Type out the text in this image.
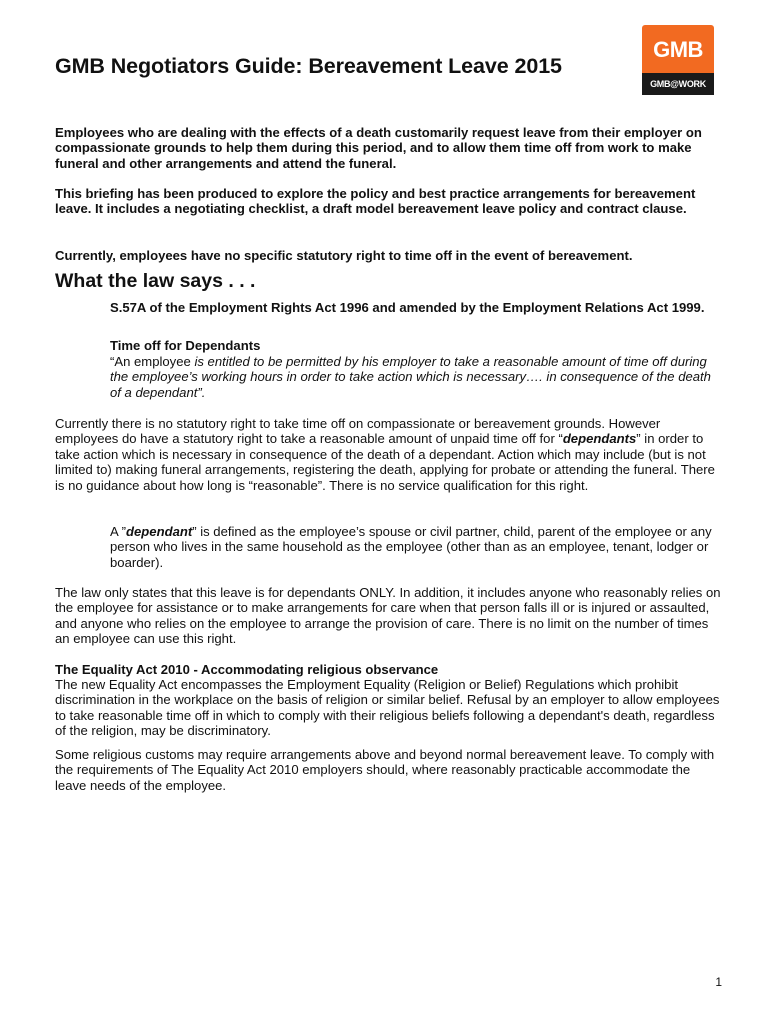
GMB Negotiators Guide: Bereavement Leave 2015
GMB
GMB@WORK

Employees who are dealing with the effects of a death customarily request leave from their employer on compassionate grounds to help them during this period, and to allow them time off from work to make funeral and other arrangements and attend the funeral.

This briefing has been produced to explore the policy and best practice arrangements for bereavement leave. It includes a negotiating checklist, a draft model bereavement leave policy and contract clause.

Currently, employees have no specific statutory right to time off in the event of bereavement.

What the law says . . .

S.57A of the Employment Rights Act 1996 and amended by the Employment Relations Act 1999.

Time off for Dependants

“An employee is entitled to be permitted by his employer to take a reasonable amount of time off during the employee’s working hours in order to take action which is necessary…. in consequence of the death of a dependant”.

Currently there is no statutory right to take time off on compassionate or bereavement grounds. However employees do have a statutory right to take a reasonable amount of unpaid time off for “dependants” in order to take action which is necessary in consequence of the death of a dependant. Action which may include (but is not limited to) making funeral arrangements, registering the death, applying for probate or attending the funeral. There is no guidance about how long is “reasonable”. There is no service qualification for this right.

A ”dependant” is defined as the employee’s spouse or civil partner, child, parent of the employee or any person who lives in the same household as the employee (other than as an employee, tenant, lodger or boarder).

The law only states that this leave is for dependants ONLY. In addition, it includes anyone who reasonably relies on the employee for assistance or to make arrangements for care when that person falls ill or is injured or assaulted, and anyone who relies on the employee to arrange the provision of care. There is no limit on the number of times an employee can use this right.

The Equality Act 2010 - Accommodating religious observance

The new Equality Act encompasses the Employment Equality (Religion or Belief) Regulations which prohibit discrimination in the workplace on the basis of religion or similar belief. Refusal by an employer to allow employees to take reasonable time off in which to comply with their religious beliefs following a dependant's death, regardless of the religion, may be discriminatory.

Some religious customs may require arrangements above and beyond normal bereavement leave. To comply with the requirements of The Equality Act 2010 employers should, where reasonably practicable accommodate the leave needs of the employee.

1
